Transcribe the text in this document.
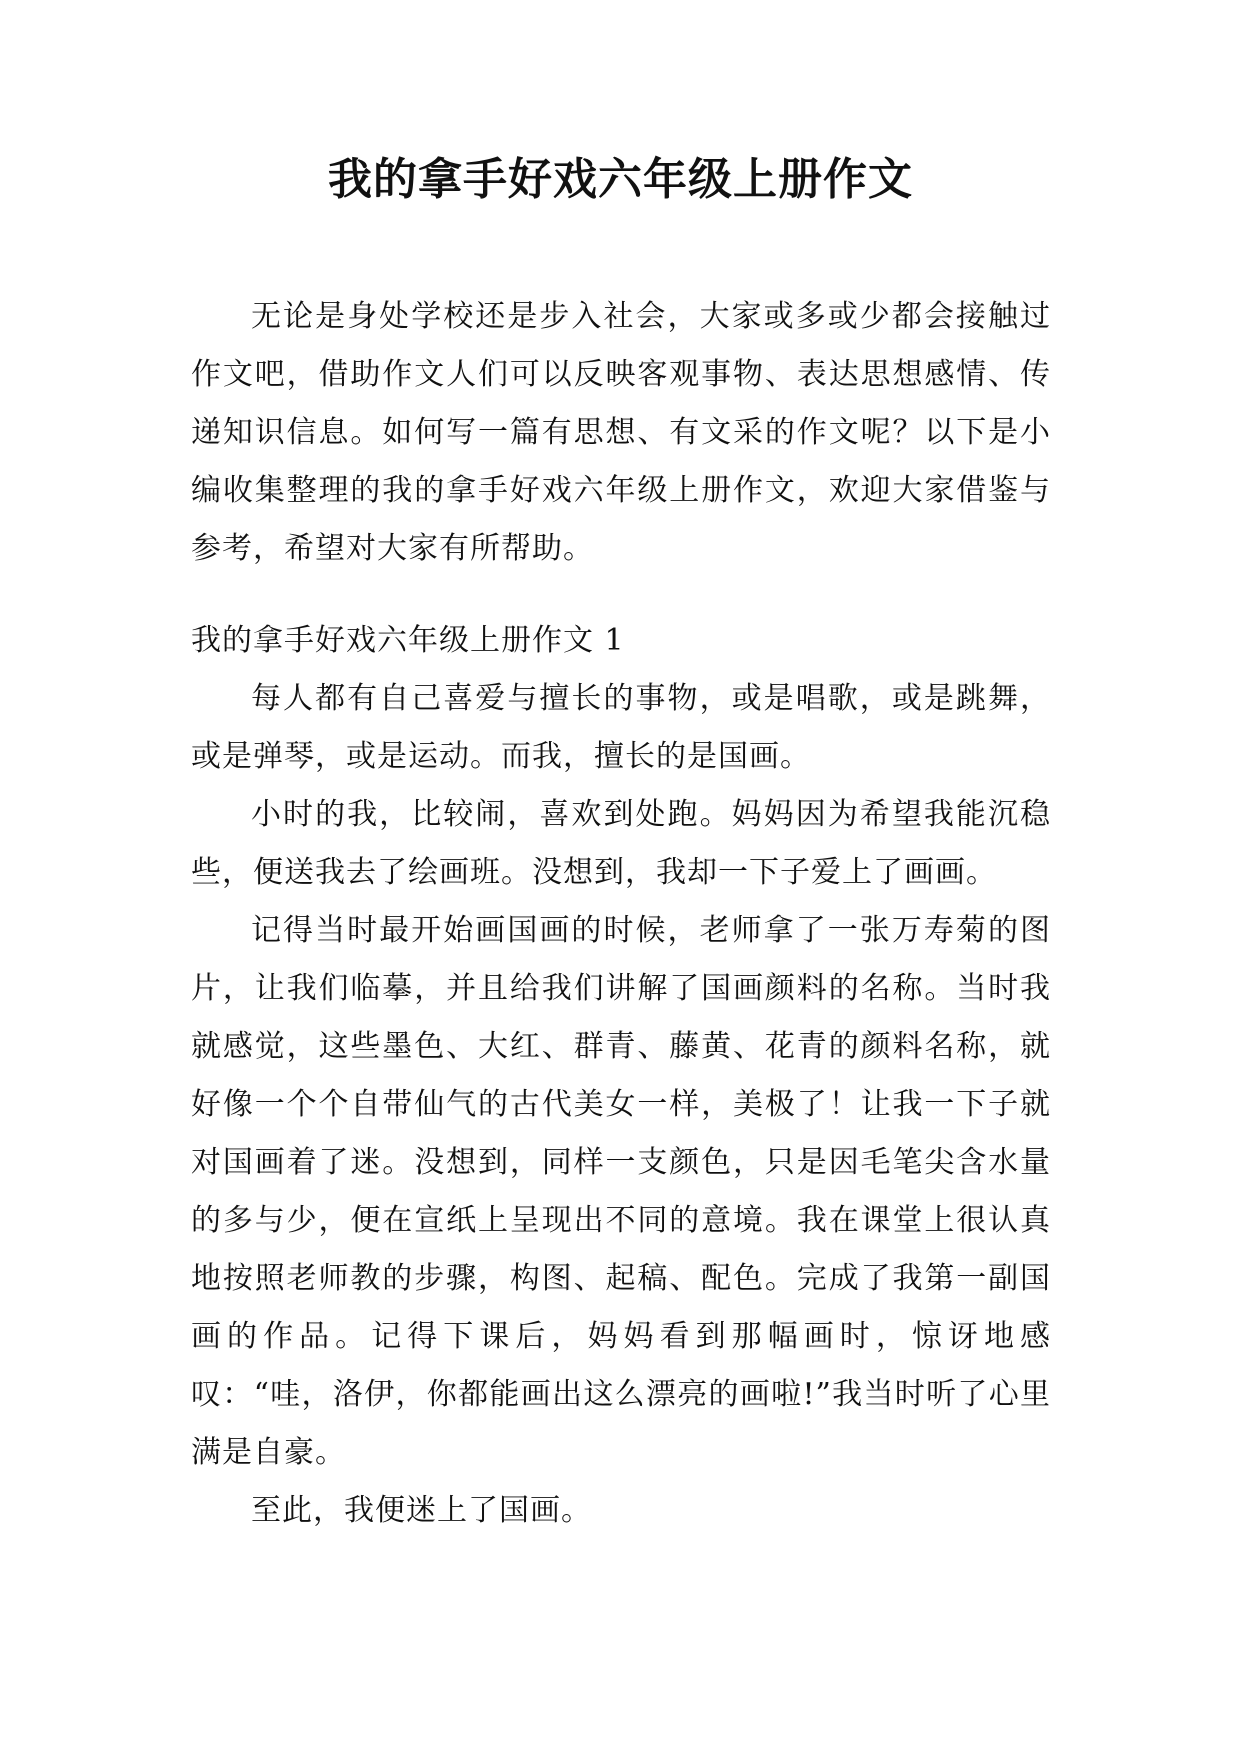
我的拿手好戏六年级上册作文

无论是身处学校还是步入社会，大家或多或少都会接触过作文吧，借助作文人们可以反映客观事物、表达思想感情、传递知识信息。如何写一篇有思想、有文采的作文呢？以下是小编收集整理的我的拿手好戏六年级上册作文，欢迎大家借鉴与参考，希望对大家有所帮助。

我的拿手好戏六年级上册作文 1

每人都有自己喜爱与擅长的事物，或是唱歌，或是跳舞，或是弹琴，或是运动。而我，擅长的是国画。

小时的我，比较闹，喜欢到处跑。妈妈因为希望我能沉稳些，便送我去了绘画班。没想到，我却一下子爱上了画画。

记得当时最开始画国画的时候，老师拿了一张万寿菊的图片，让我们临摹，并且给我们讲解了国画颜料的名称。当时我就感觉，这些墨色、大红、群青、藤黄、花青的颜料名称，就好像一个个自带仙气的古代美女一样，美极了！让我一下子就对国画着了迷。没想到，同样一支颜色，只是因毛笔尖含水量的多与少，便在宣纸上呈现出不同的意境。我在课堂上很认真地按照老师教的步骤，构图、起稿、配色。完成了我第一副国画的作品。记得下课后，妈妈看到那幅画时，惊讶地感叹：“哇，洛伊，你都能画出这么漂亮的画啦!”我当时听了心里满是自豪。

至此，我便迷上了国画。
